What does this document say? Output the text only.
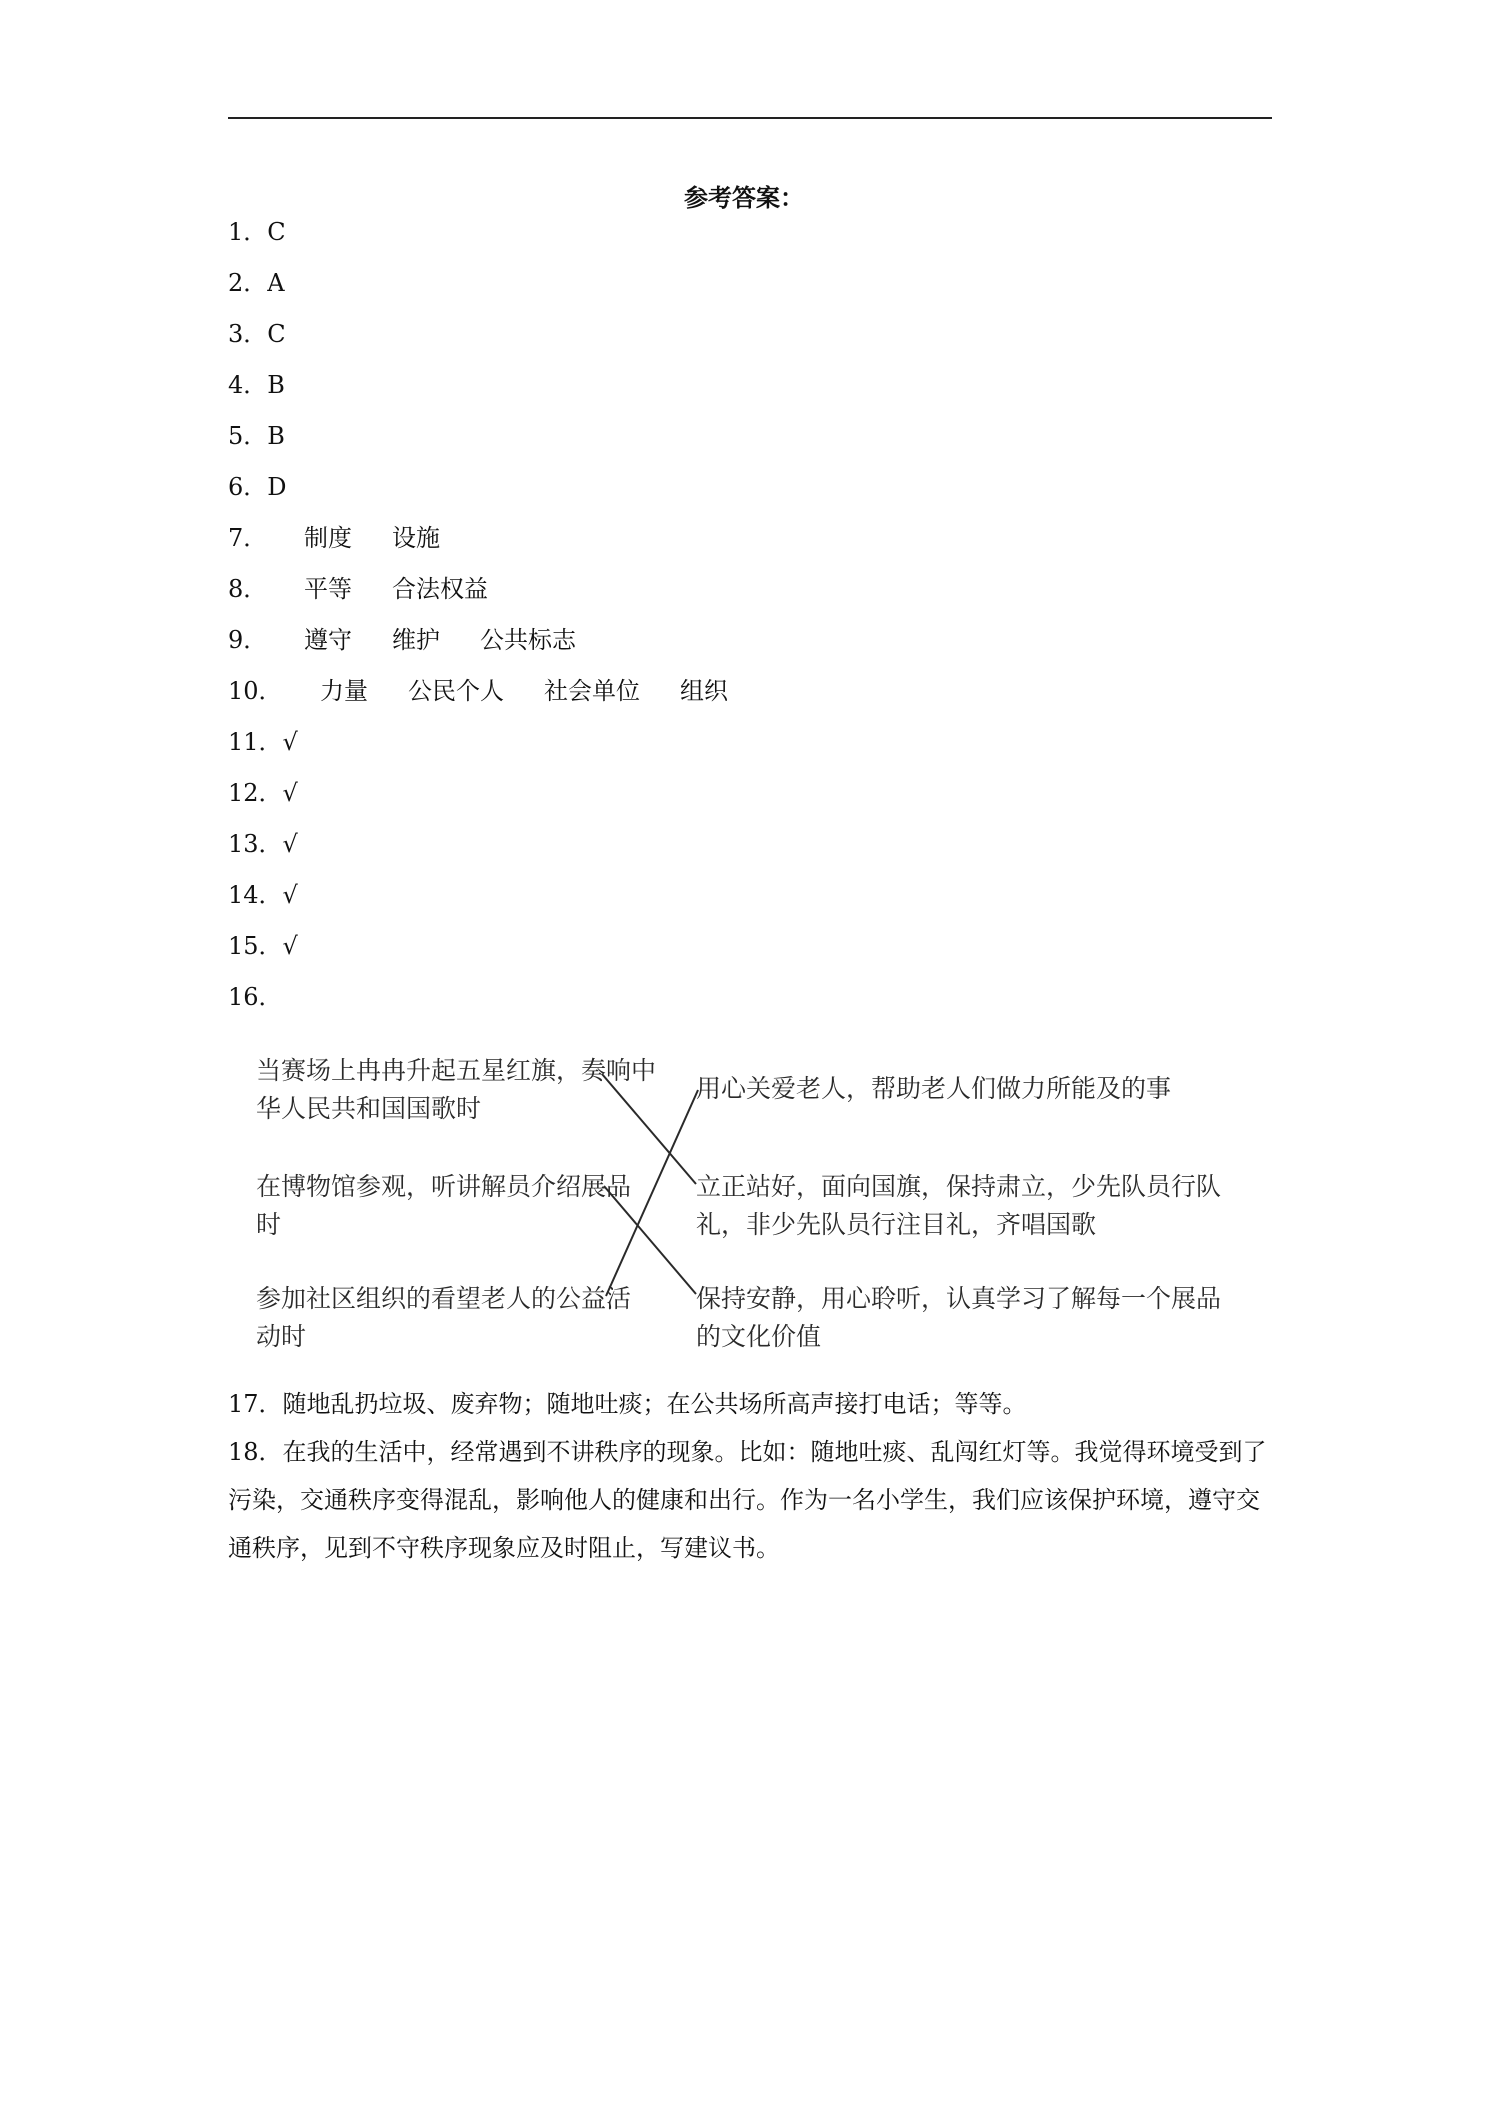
参考答案：
1．C
2．A
3．C
4．B
5．B
6．D
7． 制度 设施
8． 平等 合法权益
9． 遵守 维护 公共标志
10． 力量 公民个人 社会单位 组织
11．√
12．√
13．√
14．√
15．√
16．
当赛场上冉冉升起五星红旗，奏响中华人民共和国国歌时
在博物馆参观，听讲解员介绍展品时
参加社区组织的看望老人的公益活动时
用心关爱老人，帮助老人们做力所能及的事
立正站好，面向国旗，保持肃立，少先队员行队礼，非少先队员行注目礼，齐唱国歌
保持安静，用心聆听，认真学习了解每一个展品的文化价值
17．随地乱扔垃圾、废弃物；随地吐痰；在公共场所高声接打电话；等等。
18．在我的生活中，经常遇到不讲秩序的现象。比如：随地吐痰、乱闯红灯等。我觉得环境受到了污染，交通秩序变得混乱，影响他人的健康和出行。作为一名小学生，我们应该保护环境，遵守交通秩序，见到不守秩序现象应及时阻止，写建议书。
